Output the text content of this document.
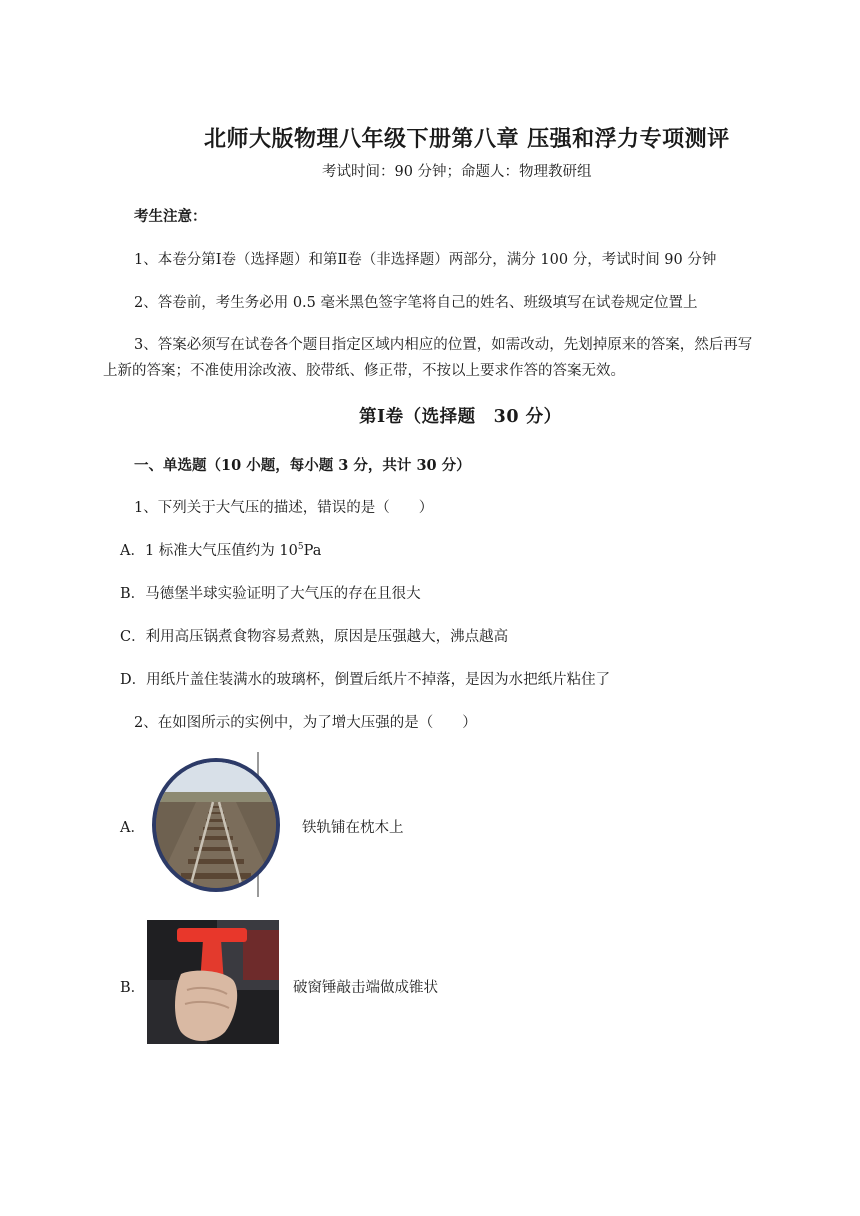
北师大版物理八年级下册第八章 压强和浮力专项测评
考试时间：90 分钟；命题人：物理教研组
考生注意：
1、本卷分第Ⅰ卷（选择题）和第Ⅱ卷（非选择题）两部分，满分 100 分，考试时间 90 分钟
2、答卷前，考生务必用 0.5 毫米黑色签字笔将自己的姓名、班级填写在试卷规定位置上
3、答案必须写在试卷各个题目指定区域内相应的位置，如需改动，先划掉原来的答案，然后再写
上新的答案；不准使用涂改液、胶带纸、修正带，不按以上要求作答的答案无效。
第Ⅰ卷（选择题　30 分）
一、单选题（10 小题，每小题 3 分，共计 30 分）
1、下列关于大气压的描述，错误的是（　　）
A．1 标准大气压值约为 $10^5Pa$
B．马德堡半球实验证明了大气压的存在且很大
C．利用高压锅煮食物容易煮熟，原因是压强越大，沸点越高
D．用纸片盖住装满水的玻璃杯，倒置后纸片不掉落，是因为水把纸片粘住了
2、在如图所示的实例中，为了增大压强的是（　　）
A．	铁轨铺在枕木上
B．	破窗锤敲击端做成锥状
